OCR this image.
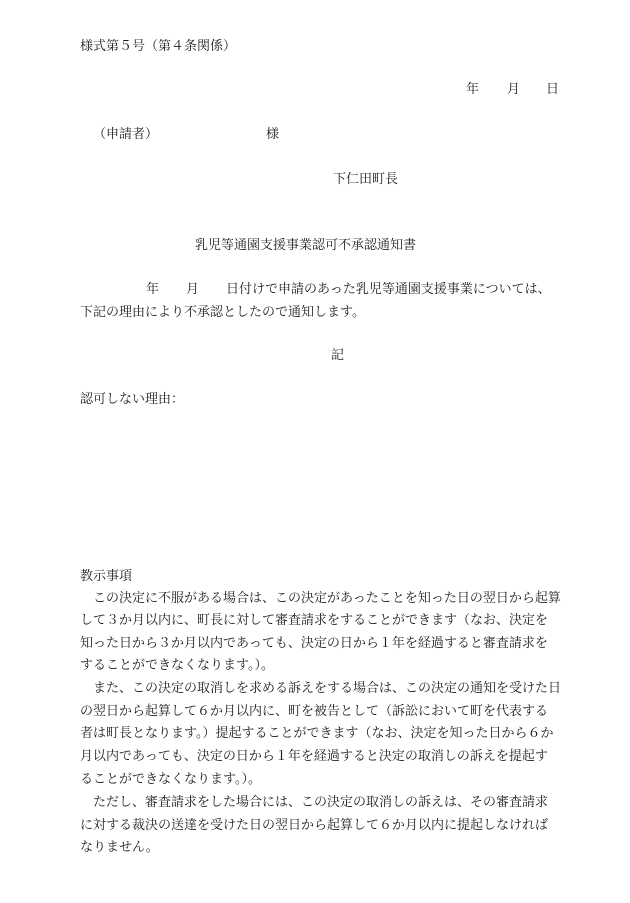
様式第５号（第４条関係）
年 月 日
（申請者）	様
下仁田町長
乳児等通園支援事業認可不承認通知書
年 月 日付けで申請のあった乳児等通園支援事業については、
下記の理由により不承認としたので通知します。
記
認可しない理由：
教示事項
　この決定に不服がある場合は、この決定があったことを知った日の翌日から起算
して３か月以内に、町長に対して審査請求をすることができます（なお、決定を
知った日から３か月以内であっても、決定の日から１年を経過すると審査請求を
することができなくなります。）。
　また、この決定の取消しを求める訴えをする場合は、この決定の通知を受けた日
の翌日から起算して６か月以内に、町を被告として（訴訟において町を代表する
者は町長となります。）提起することができます（なお、決定を知った日から６か
月以内であっても、決定の日から１年を経過すると決定の取消しの訴えを提起す
ることができなくなります。）。
　ただし、審査請求をした場合には、この決定の取消しの訴えは、その審査請求
に対する裁決の送達を受けた日の翌日から起算して６か月以内に提起しなければ
なりません。
